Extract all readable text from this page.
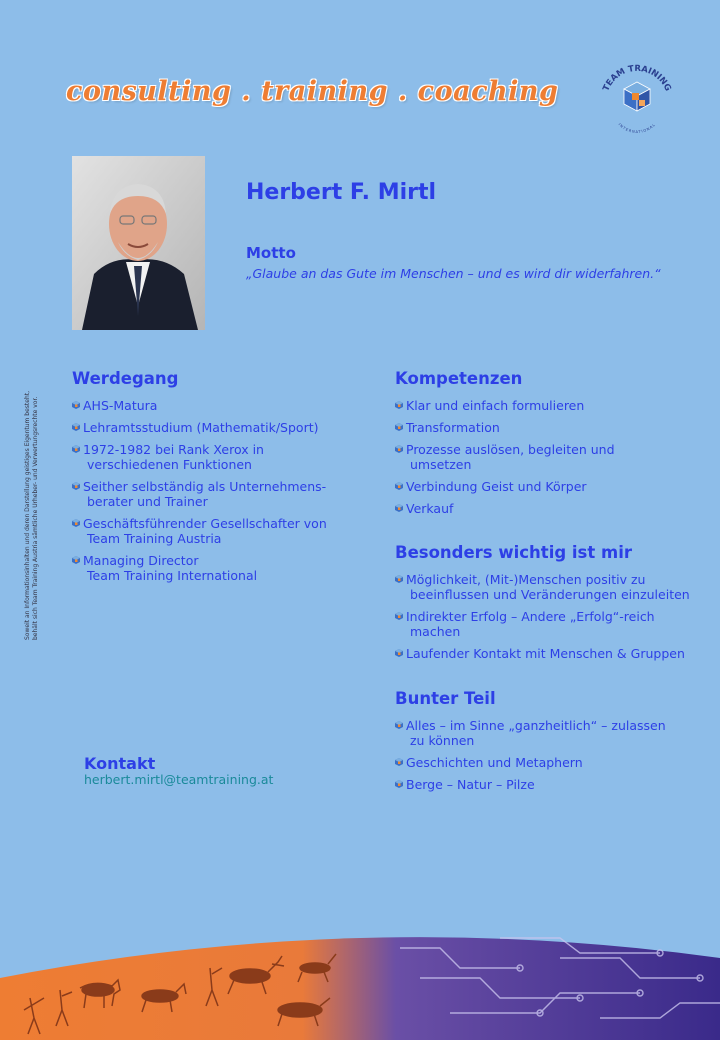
consulting . training . coaching	TEAM TRAINING
INTERNATIONAL
Herbert F. Mirtl
Motto
„Glaube an das Gute im Menschen – und es wird dir widerfahren.“
Werdegang
AHS-Matura
Lehramtsstudium (Mathematik/Sport)
1972-1982 bei Rank Xerox in
verschiedenen Funktionen
Seither selbständig als Unternehmens-
berater und Trainer
Geschäftsführender Gesellschafter von
Team Training Austria
Managing Director
Team Training International
Kompetenzen
Klar und einfach formulieren
Transformation
Prozesse auslösen, begleiten und
umsetzen
Verbindung Geist und Körper
Verkauf
Besonders wichtig ist mir
Möglichkeit, (Mit-)Menschen positiv zu
beeinflussen und Veränderungen einzuleiten
Indirekter Erfolg – Andere „Erfolg“-reich
machen
Laufender Kontakt mit Menschen & Gruppen
Bunter Teil
Alles – im Sinne „ganzheitlich“ – zulassen
zu können
Geschichten und Metaphern
Berge – Natur – Pilze
Kontakt
herbert.mirtl@teamtraining.at
Soweit an Informationsinhalten und deren Darstellung geistiges Eigentum besteht, behält sich Team Training Austria sämtliche Urheber- und Verwertungsrechte vor.
